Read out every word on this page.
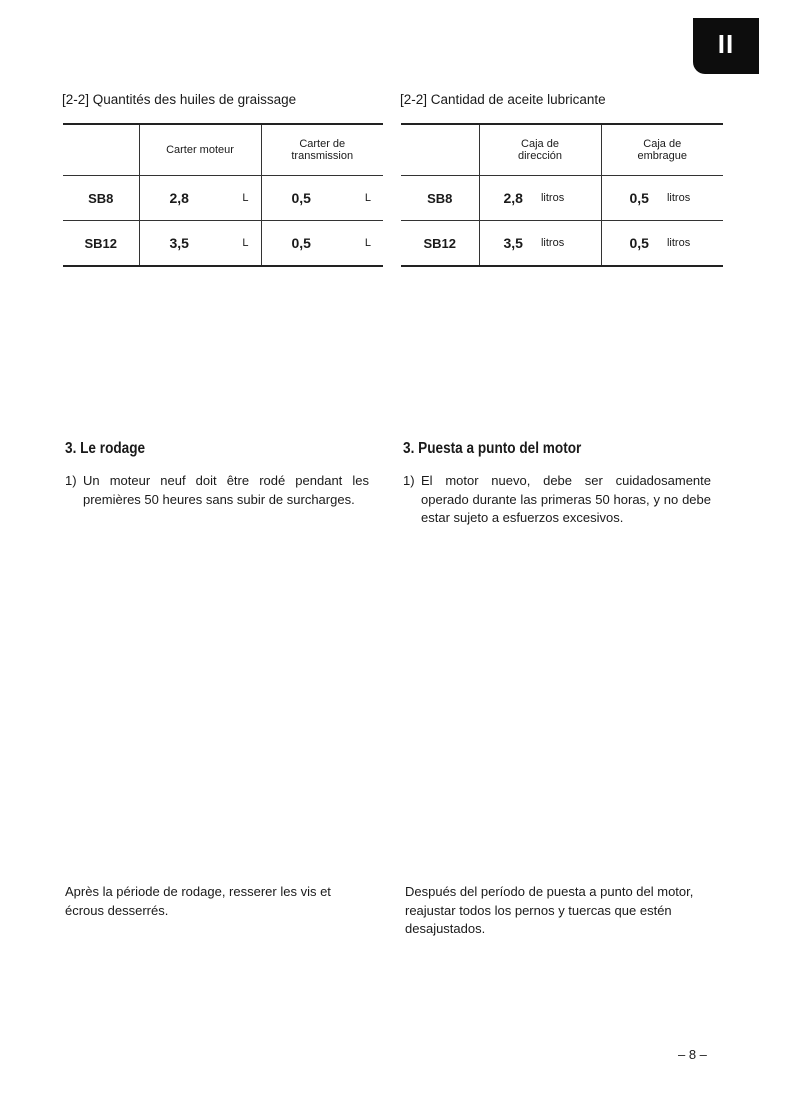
II
[2-2] Quantités des huiles de graissage
	Carter moteur	Carter de transmission
SB8	2,8 L	0,5 L

SB12	3,5 L	0,5 L
3. Le rodage
1) Un moteur neuf doit être rodé pendant les premières 50 heures sans subir de surcharges.
Après la période de rodage, resserer les vis et écrous desserrés.
[2-2] Cantidad de aceite lubricante
	Caja de dirección	Caja de embrague
SB8	2,8 litros	0,5 litros

SB12	3,5 litros	0,5 litros
3. Puesta a punto del motor
1) El motor nuevo, debe ser cuidadosamente operado durante las primeras 50 horas, y no debe estar sujeto a esfuerzos excesivos.
Después del período de puesta a punto del motor, reajustar todos los pernos y tuercas que estén desajustados.
– 8 –
